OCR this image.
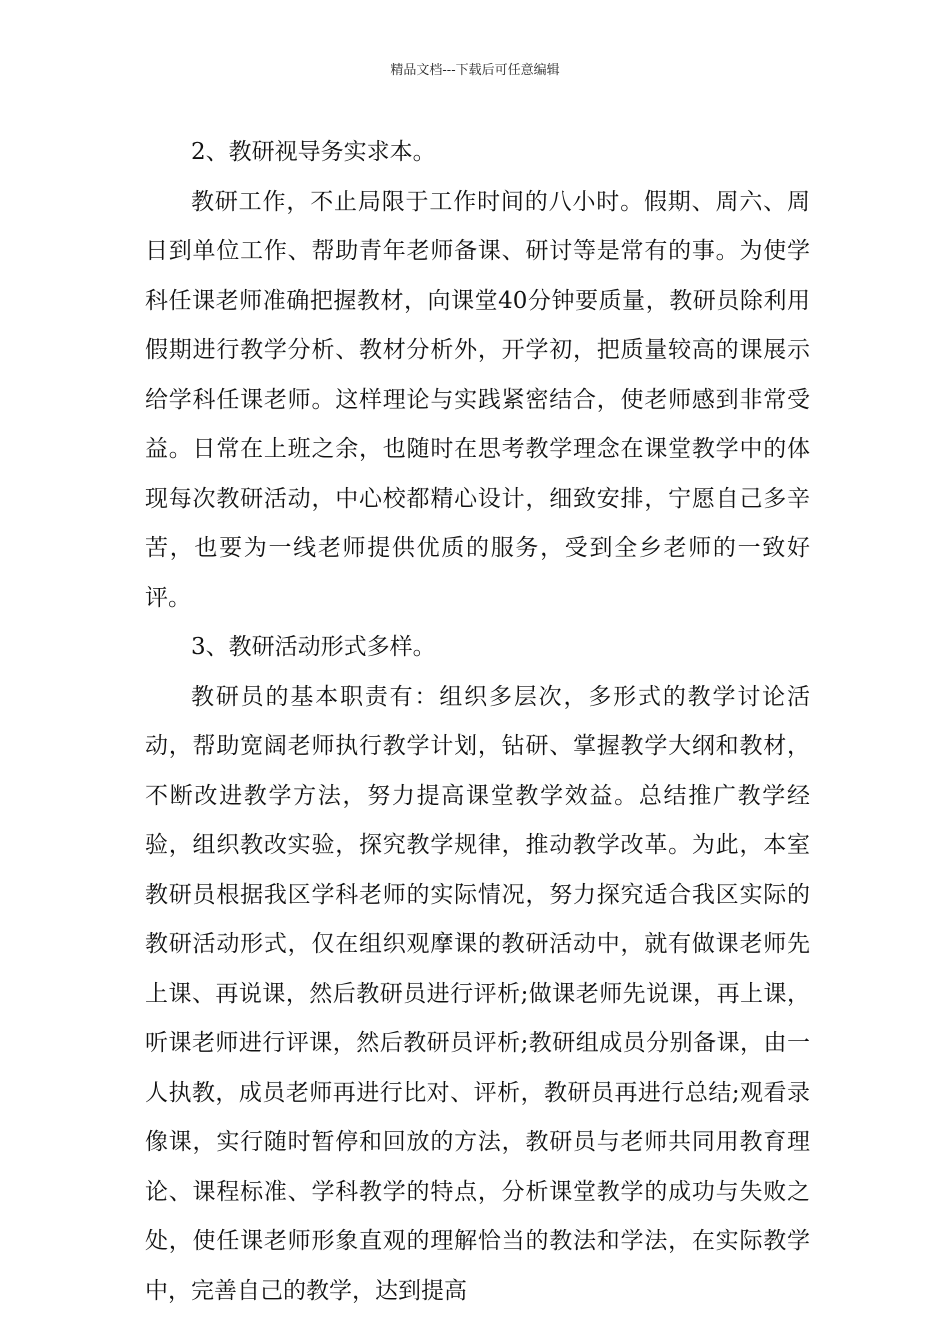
精品文档---下载后可任意编辑

2、教研视导务实求本。

教研工作，不止局限于工作时间的八小时。假期、周六、周日到单位工作、帮助青年老师备课、研讨等是常有的事。为使学科任课老师准确把握教材，向课堂40分钟要质量，教研员除利用假期进行教学分析、教材分析外，开学初，把质量较高的课展示给学科任课老师。这样理论与实践紧密结合，使老师感到非常受益。日常在上班之余，也随时在思考教学理念在课堂教学中的体现每次教研活动，中心校都精心设计，细致安排，宁愿自己多辛苦，也要为一线老师提供优质的服务，受到全乡老师的一致好评。

3、教研活动形式多样。

教研员的基本职责有：组织多层次，多形式的教学讨论活动，帮助宽阔老师执行教学计划，钻研、掌握教学大纲和教材，不断改进教学方法，努力提高课堂教学效益。总结推广教学经验，组织教改实验，探究教学规律，推动教学改革。为此，本室教研员根据我区学科老师的实际情况，努力探究适合我区实际的教研活动形式，仅在组织观摩课的教研活动中，就有做课老师先上课、再说课，然后教研员进行评析;做课老师先说课，再上课，听课老师进行评课，然后教研员评析;教研组成员分别备课，由一人执教，成员老师再进行比对、评析，教研员再进行总结;观看录像课，实行随时暂停和回放的方法，教研员与老师共同用教育理论、课程标准、学科教学的特点，分析课堂教学的成功与失败之处，使任课老师形象直观的理解恰当的教法和学法，在实际教学中，完善自己的教学，达到提高
